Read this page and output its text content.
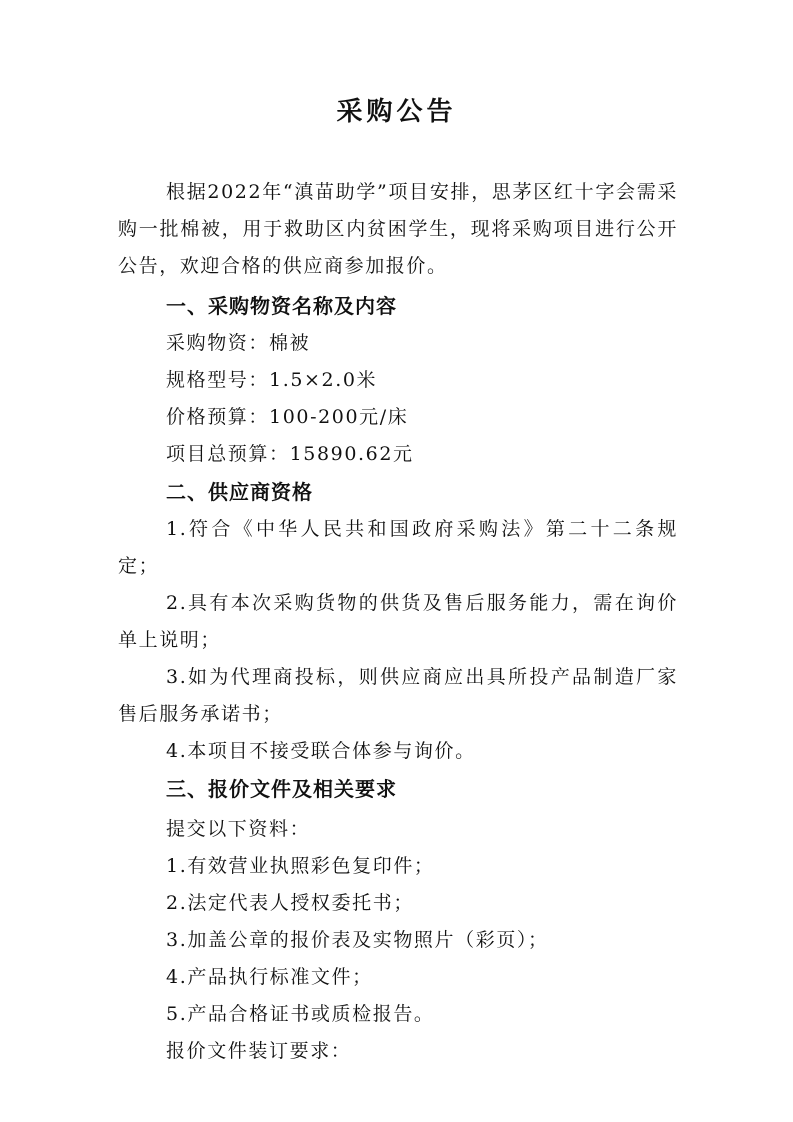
采购公告

根据2022年“滇苗助学”项目安排，思茅区红十字会需采购一批棉被，用于救助区内贫困学生，现将采购项目进行公开公告，欢迎合格的供应商参加报价。

一、采购物资名称及内容

采购物资：棉被

规格型号：1.5×2.0米

价格预算：100-200元/床

项目总预算：15890.62元

二、供应商资格

1.符合《中华人民共和国政府采购法》第二十二条规定；

2.具有本次采购货物的供货及售后服务能力，需在询价单上说明；

3.如为代理商投标，则供应商应出具所投产品制造厂家售后服务承诺书；

4.本项目不接受联合体参与询价。

三、报价文件及相关要求

提交以下资料：

1.有效营业执照彩色复印件；

2.法定代表人授权委托书；

3.加盖公章的报价表及实物照片（彩页）；

4.产品执行标准文件；

5.产品合格证书或质检报告。

报价文件装订要求：
